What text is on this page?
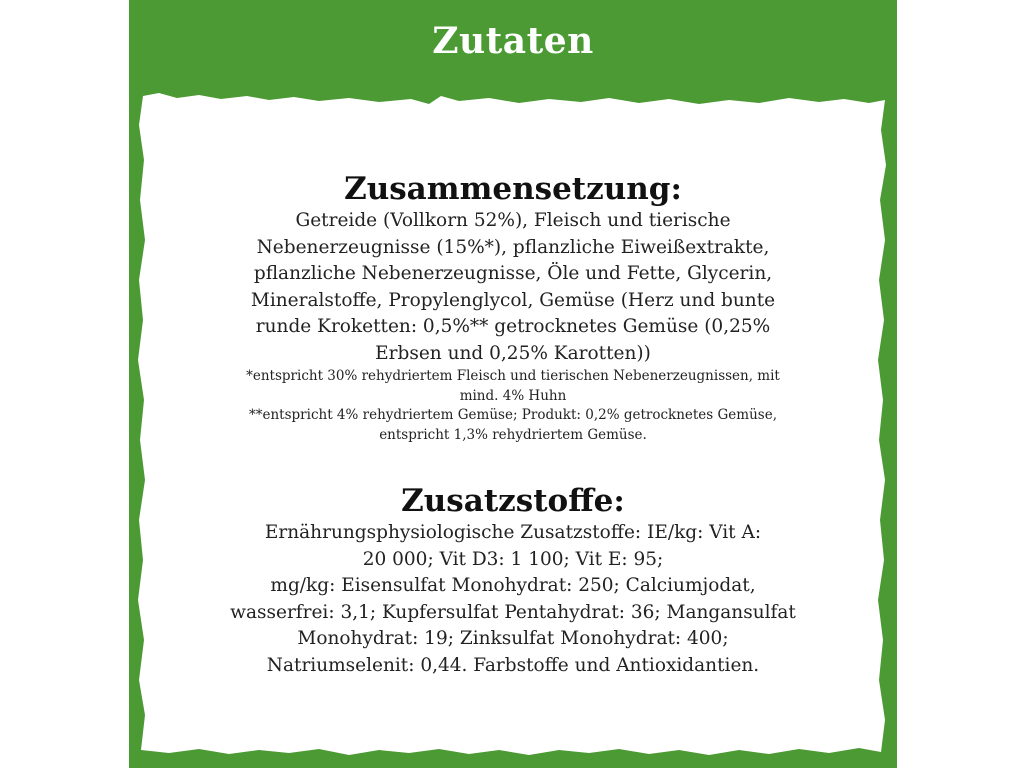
Zutaten
Zusammensetzung:
Getreide (Vollkorn 52%), Fleisch und tierische
Nebenerzeugnisse (15%*), pflanzliche Eiweißextrakte,
pflanzliche Nebenerzeugnisse, Öle und Fette, Glycerin,
Mineralstoffe, Propylenglycol, Gemüse (Herz und bunte
runde Kroketten: 0,5%** getrocknetes Gemüse (0,25%
Erbsen und 0,25% Karotten))
*entspricht 30% rehydriertem Fleisch und tierischen Nebenerzeugnissen, mit
mind. 4% Huhn
**entspricht 4% rehydriertem Gemüse; Produkt: 0,2% getrocknetes Gemüse,
entspricht 1,3% rehydriertem Gemüse.
Zusatzstoffe:
Ernährungsphysiologische Zusatzstoffe: IE/kg: Vit A:
20 000; Vit D3: 1 100; Vit E: 95;
mg/kg: Eisensulfat Monohydrat: 250; Calciumjodat,
wasserfrei: 3,1; Kupfersulfat Pentahydrat: 36; Mangansulfat
Monohydrat: 19; Zinksulfat Monohydrat: 400;
Natriumselenit: 0,44. Farbstoffe und Antioxidantien.
